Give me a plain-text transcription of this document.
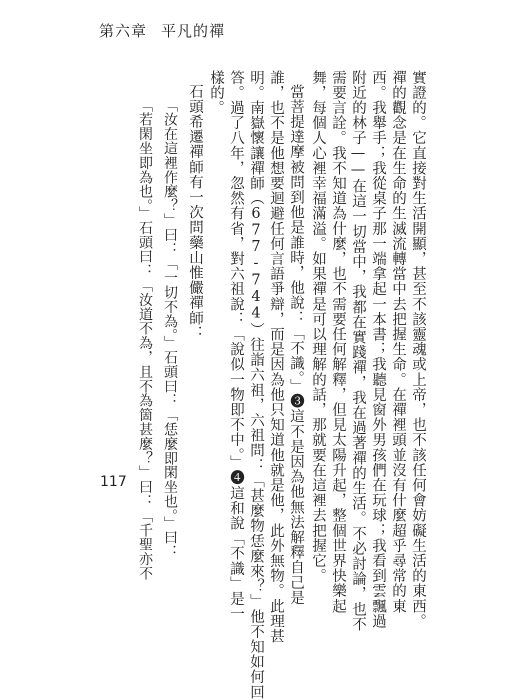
第六章 平凡的禪
實證的。它直接對生活開顯，甚至不該靈魂或上帝，也不該任何會妨礙生活的東西。
禪的觀念是在生命的生滅流轉當中去把握生命。在禪裡頭並沒有什麼超乎尋常的東
西。我舉手；我從桌子那一端拿起一本書；我聽見窗外男孩們在玩球；我看到雲飄過
附近的林子——在這一切當中，我都在實踐禪，我在過著禪的生活。不必討論，也不
需要言詮。我不知道為什麼，也不需要任何解釋，但見太陽升起，整個世界快樂起
舞，每個人心裡幸福滿溢。如果禪是可以理解的話，那就要在這裡去把握它。
當菩提達摩被問到他是誰時，他說：「不識。」❸這不是因為他無法解釋自己是
誰，也不是他想要迴避任何言語爭辯，而是因為他只知道他就是他，此外無物。此理甚
明。南嶽懷讓禪師（677-744）往詣六祖，六祖問：「甚麼物恁麼來？」他不知如何回
答。過了八年，忽然有省，對六祖說：「說似一物即不中。」❹這和說「不識」是一
樣的。
石頭希遷禪師有一次問藥山惟儼禪師：
「汝在這裡作麼？」曰：「一切不為。」石頭曰：「恁麼即閑坐也。」曰：
「若閑坐即為也。」石頭曰：「汝道不為，且不為箇甚麼？」曰：「千聖亦不
117
